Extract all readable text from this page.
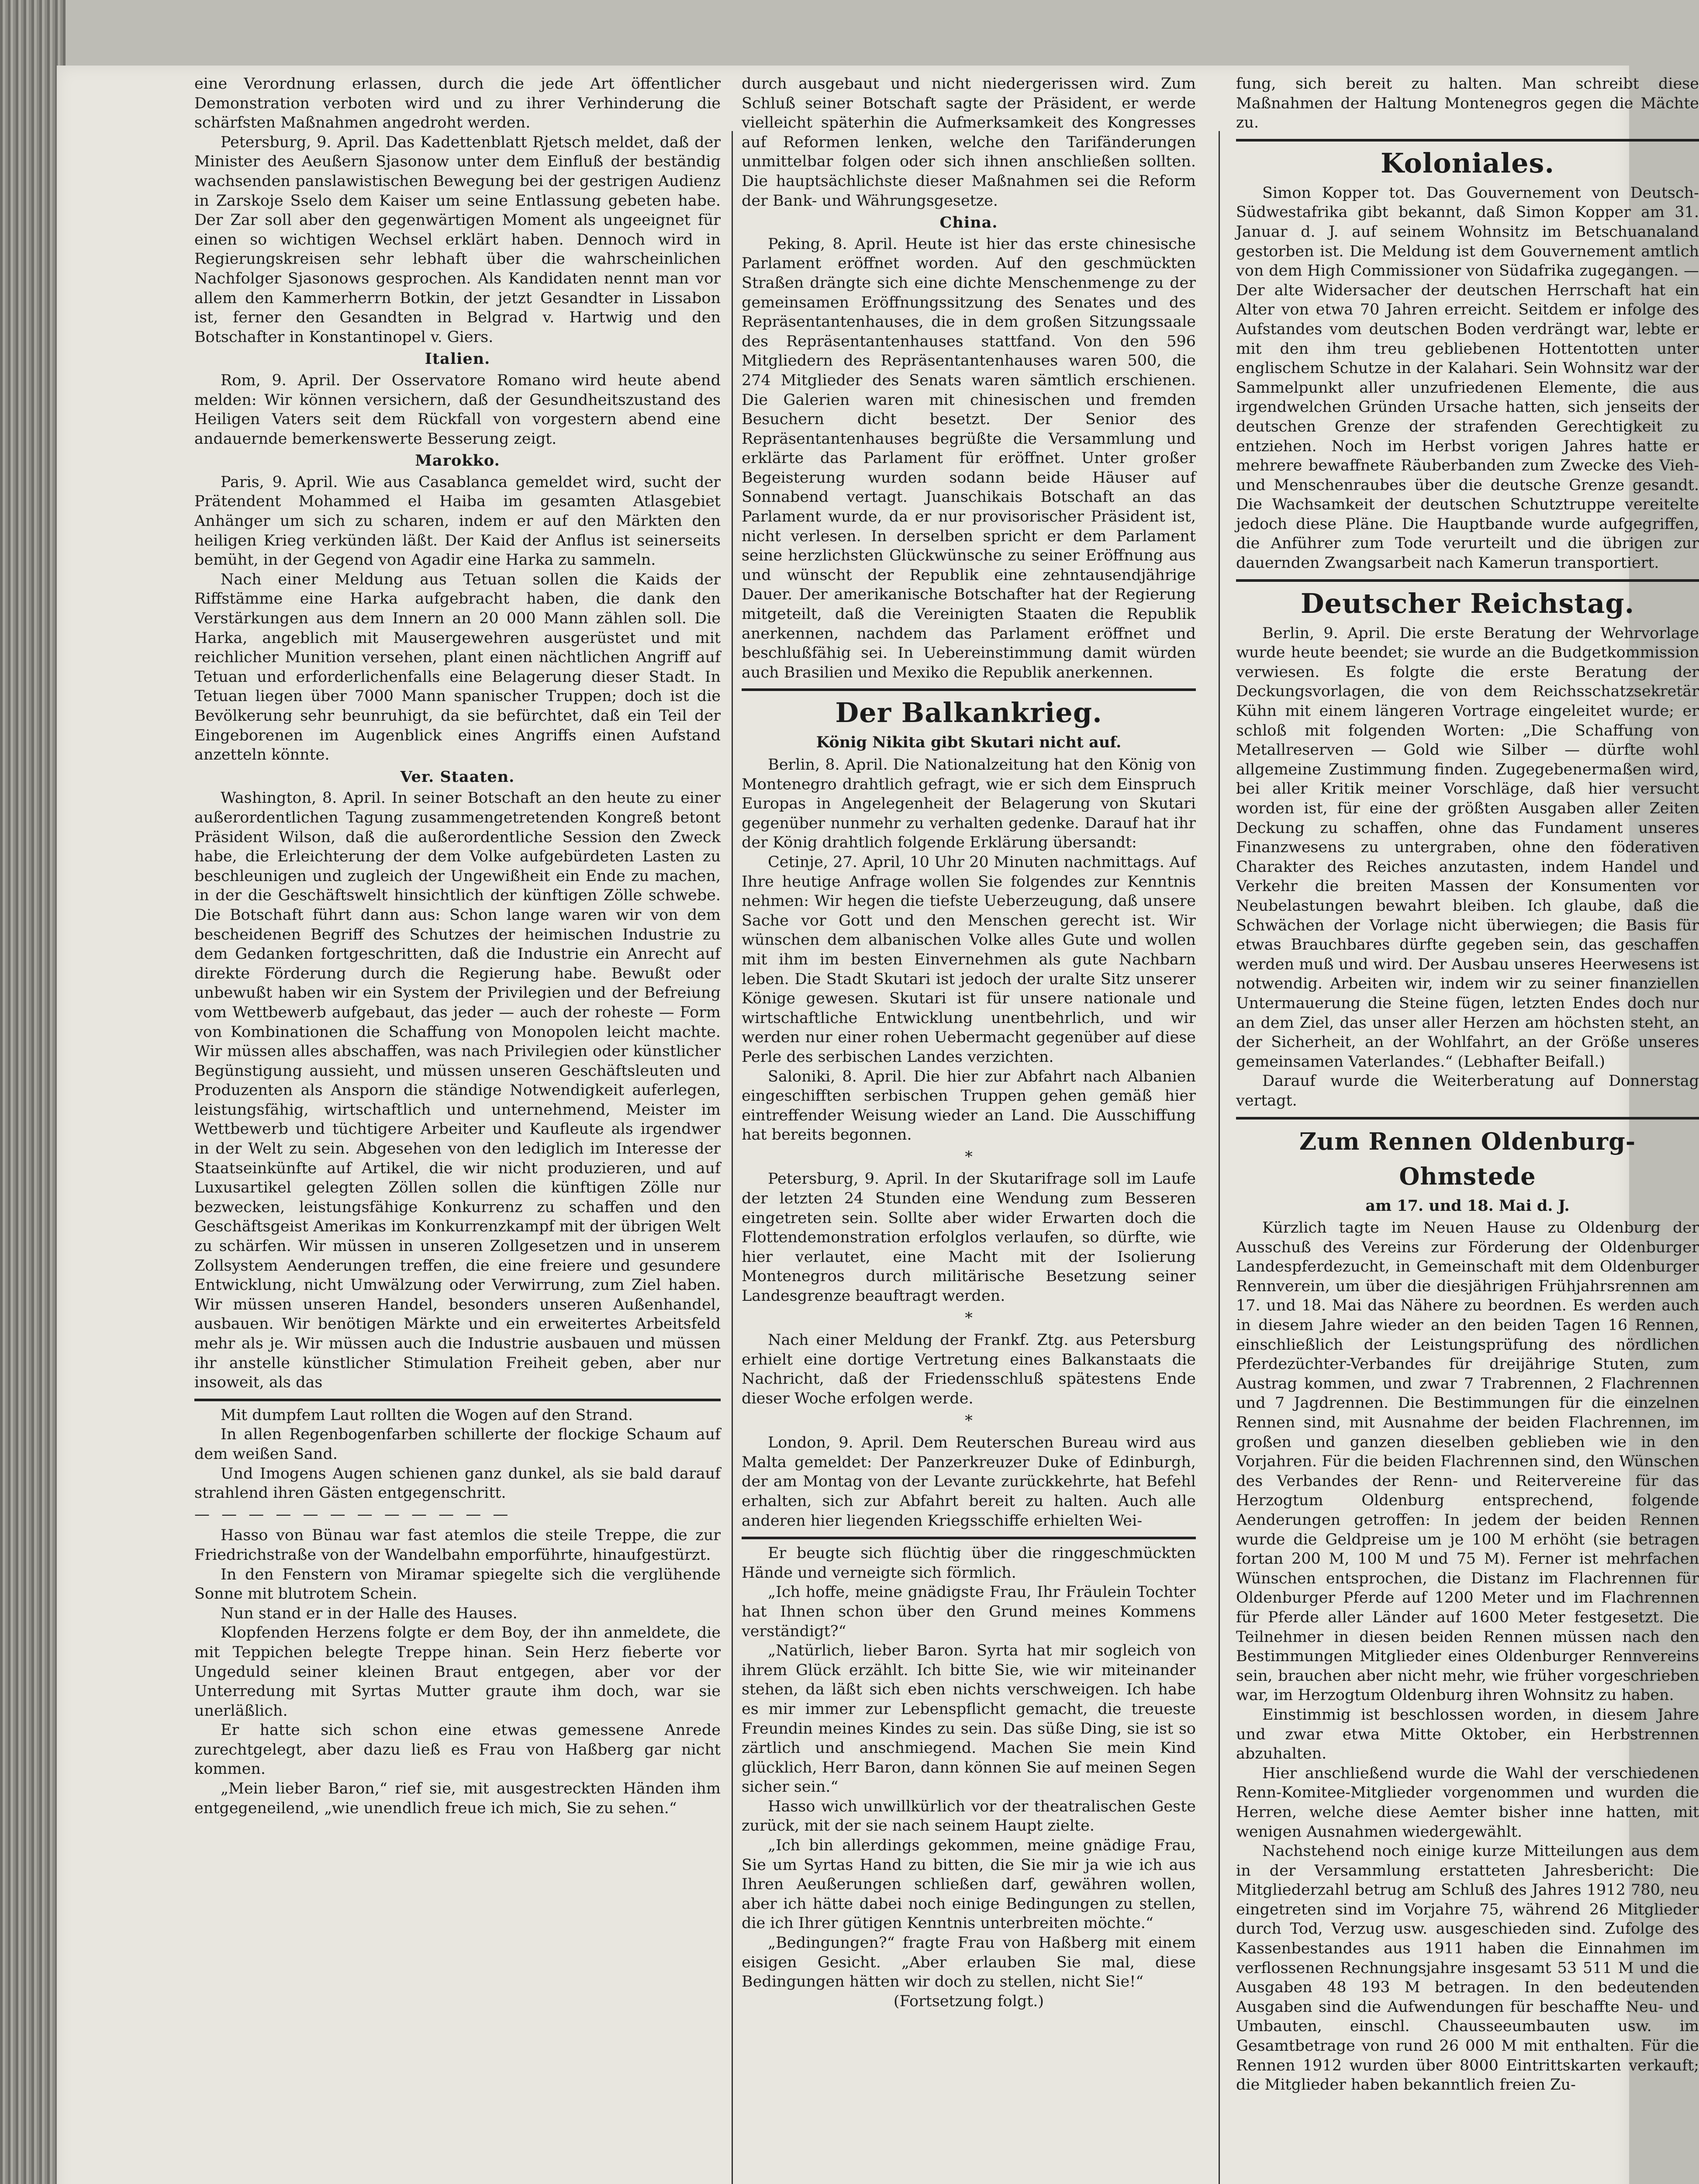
eine Verordnung erlassen, durch die jede Art öffentlicher Demonstration verboten wird und zu ihrer Verhinderung die schärfsten Maßnahmen angedroht werden.

Petersburg, 9. April. Das Kadettenblatt Rjetsch meldet, daß der Minister des Aeußern Sjasonow unter dem Einfluß der beständig wachsenden panslawistischen Bewegung bei der gestrigen Audienz in Zarskoje Sselo dem Kaiser um seine Entlassung gebeten habe. Der Zar soll aber den gegenwärtigen Moment als ungeeignet für einen so wichtigen Wechsel erklärt haben. Dennoch wird in Regierungskreisen sehr lebhaft über die wahrscheinlichen Nachfolger Sjasonows gesprochen. Als Kandidaten nennt man vor allem den Kammerherrn Botkin, der jetzt Gesandter in Lissabon ist, ferner den Gesandten in Belgrad v. Hartwig und den Botschafter in Konstantinopel v. Giers.

Italien.

Rom, 9. April. Der Osservatore Romano wird heute abend melden: Wir können versichern, daß der Gesundheitszustand des Heiligen Vaters seit dem Rückfall von vorgestern abend eine andauernde bemerkenswerte Besserung zeigt.

Marokko.

Paris, 9. April. Wie aus Casablanca gemeldet wird, sucht der Prätendent Mohammed el Haiba im gesamten Atlasgebiet Anhänger um sich zu scharen, indem er auf den Märkten den heiligen Krieg verkünden läßt. Der Kaid der Anflus ist seinerseits bemüht, in der Gegend von Agadir eine Harka zu sammeln.

Nach einer Meldung aus Tetuan sollen die Kaids der Riffstämme eine Harka aufgebracht haben, die dank den Verstärkungen aus dem Innern an 20 000 Mann zählen soll. Die Harka, angeblich mit Mausergewehren ausgerüstet und mit reichlicher Munition versehen, plant einen nächtlichen Angriff auf Tetuan und erforderlichenfalls eine Belagerung dieser Stadt. In Tetuan liegen über 7000 Mann spanischer Truppen; doch ist die Bevölkerung sehr beunruhigt, da sie befürchtet, daß ein Teil der Eingeborenen im Augenblick eines Angriffs einen Aufstand anzetteln könnte.

Ver. Staaten.

Washington, 8. April. In seiner Botschaft an den heute zu einer außerordentlichen Tagung zusammengetretenden Kongreß betont Präsident Wilson, daß die außerordentliche Session den Zweck habe, die Erleichterung der dem Volke aufgebürdeten Lasten zu beschleunigen und zugleich der Ungewißheit ein Ende zu machen, in der die Geschäftswelt hinsichtlich der künftigen Zölle schwebe. Die Botschaft führt dann aus: Schon lange waren wir von dem bescheidenen Begriff des Schutzes der heimischen Industrie zu dem Gedanken fortgeschritten, daß die Industrie ein Anrecht auf direkte Förderung durch die Regierung habe. Bewußt oder unbewußt haben wir ein System der Privilegien und der Befreiung vom Wettbewerb aufgebaut, das jeder — auch der roheste — Form von Kombinationen die Schaffung von Monopolen leicht machte. Wir müssen alles abschaffen, was nach Privilegien oder künstlicher Begünstigung aussieht, und müssen unseren Geschäftsleuten und Produzenten als Ansporn die ständige Notwendigkeit auferlegen, leistungsfähig, wirtschaftlich und unternehmend, Meister im Wettbewerb und tüchtigere Arbeiter und Kaufleute als irgendwer in der Welt zu sein. Abgesehen von den lediglich im Interesse der Staatseinkünfte auf Artikel, die wir nicht produzieren, und auf Luxusartikel gelegten Zöllen sollen die künftigen Zölle nur bezwecken, leistungsfähige Konkurrenz zu schaffen und den Geschäftsgeist Amerikas im Konkurrenzkampf mit der übrigen Welt zu schärfen. Wir müssen in unseren Zollgesetzen und in unserem Zollsystem Aenderungen treffen, die eine freiere und gesundere Entwicklung, nicht Umwälzung oder Verwirrung, zum Ziel haben. Wir müssen unseren Handel, besonders unseren Außenhandel, ausbauen. Wir benötigen Märkte und ein erweitertes Arbeitsfeld mehr als je. Wir müssen auch die Industrie ausbauen und müssen ihr anstelle künstlicher Stimulation Freiheit geben, aber nur insoweit, als das

Mit dumpfem Laut rollten die Wogen auf den Strand.

In allen Regenbogenfarben schillerte der flockige Schaum auf dem weißen Sand.

Und Imogens Augen schienen ganz dunkel, als sie bald darauf strahlend ihren Gästen entgegenschritt.

— — — — — — — — — — — —

Hasso von Bünau war fast atemlos die steile Treppe, die zur Friedrichstraße von der Wandelbahn emporführte, hinaufgestürzt.

In den Fenstern von Miramar spiegelte sich die verglühende Sonne mit blutrotem Schein.

Nun stand er in der Halle des Hauses.

Klopfenden Herzens folgte er dem Boy, der ihn anmeldete, die mit Teppichen belegte Treppe hinan. Sein Herz fieberte vor Ungeduld seiner kleinen Braut entgegen, aber vor der Unterredung mit Syrtas Mutter graute ihm doch, war sie unerläßlich.

Er hatte sich schon eine etwas gemessene Anrede zurechtgelegt, aber dazu ließ es Frau von Haßberg gar nicht kommen.

„Mein lieber Baron,“ rief sie, mit ausgestreckten Händen ihm entgegeneilend, „wie unendlich freue ich mich, Sie zu sehen.“

durch ausgebaut und nicht niedergerissen wird. Zum Schluß seiner Botschaft sagte der Präsident, er werde vielleicht späterhin die Aufmerksamkeit des Kongresses auf Reformen lenken, welche den Tarifänderungen unmittelbar folgen oder sich ihnen anschließen sollten. Die hauptsächlichste dieser Maßnahmen sei die Reform der Bank- und Währungsgesetze.

China.

Peking, 8. April. Heute ist hier das erste chinesische Parlament eröffnet worden. Auf den geschmückten Straßen drängte sich eine dichte Menschenmenge zu der gemeinsamen Eröffnungssitzung des Senates und des Repräsentantenhauses, die in dem großen Sitzungssaale des Repräsentantenhauses stattfand. Von den 596 Mitgliedern des Repräsentantenhauses waren 500, die 274 Mitglieder des Senats waren sämtlich erschienen. Die Galerien waren mit chinesischen und fremden Besuchern dicht besetzt. Der Senior des Repräsentantenhauses begrüßte die Versammlung und erklärte das Parlament für eröffnet. Unter großer Begeisterung wurden sodann beide Häuser auf Sonnabend vertagt. Juanschikais Botschaft an das Parlament wurde, da er nur provisorischer Präsident ist, nicht verlesen. In derselben spricht er dem Parlament seine herzlichsten Glückwünsche zu seiner Eröffnung aus und wünscht der Republik eine zehntausendjährige Dauer. Der amerikanische Botschafter hat der Regierung mitgeteilt, daß die Vereinigten Staaten die Republik anerkennen, nachdem das Parlament eröffnet und beschlußfähig sei. In Uebereinstimmung damit würden auch Brasilien und Mexiko die Republik anerkennen.

Der Balkankrieg.
König Nikita gibt Skutari nicht auf.

Berlin, 8. April. Die Nationalzeitung hat den König von Montenegro drahtlich gefragt, wie er sich dem Einspruch Europas in Angelegenheit der Belagerung von Skutari gegenüber nunmehr zu verhalten gedenke. Darauf hat ihr der König drahtlich folgende Erklärung übersandt:

Cetinje, 27. April, 10 Uhr 20 Minuten nachmittags. Auf Ihre heutige Anfrage wollen Sie folgendes zur Kenntnis nehmen: Wir hegen die tiefste Ueberzeugung, daß unsere Sache vor Gott und den Menschen gerecht ist. Wir wünschen dem albanischen Volke alles Gute und wollen mit ihm im besten Einvernehmen als gute Nachbarn leben. Die Stadt Skutari ist jedoch der uralte Sitz unserer Könige gewesen. Skutari ist für unsere nationale und wirtschaftliche Entwicklung unentbehrlich, und wir werden nur einer rohen Uebermacht gegenüber auf diese Perle des serbischen Landes verzichten.

Saloniki, 8. April. Die hier zur Abfahrt nach Albanien eingeschifften serbischen Truppen gehen gemäß hier eintreffender Weisung wieder an Land. Die Ausschiffung hat bereits begonnen.

*

Petersburg, 9. April. In der Skutarifrage soll im Laufe der letzten 24 Stunden eine Wendung zum Besseren eingetreten sein. Sollte aber wider Erwarten doch die Flottendemonstration erfolglos verlaufen, so dürfte, wie hier verlautet, eine Macht mit der Isolierung Montenegros durch militärische Besetzung seiner Landesgrenze beauftragt werden.

*

Nach einer Meldung der Frankf. Ztg. aus Petersburg erhielt eine dortige Vertretung eines Balkanstaats die Nachricht, daß der Friedensschluß spätestens Ende dieser Woche erfolgen werde.

*

London, 9. April. Dem Reuterschen Bureau wird aus Malta gemeldet: Der Panzerkreuzer Duke of Edinburgh, der am Montag von der Levante zurückkehrte, hat Befehl erhalten, sich zur Abfahrt bereit zu halten. Auch alle anderen hier liegenden Kriegsschiffe erhielten Wei-

Er beugte sich flüchtig über die ringgeschmückten Hände und verneigte sich förmlich.

„Ich hoffe, meine gnädigste Frau, Ihr Fräulein Tochter hat Ihnen schon über den Grund meines Kommens verständigt?“

„Natürlich, lieber Baron. Syrta hat mir sogleich von ihrem Glück erzählt. Ich bitte Sie, wie wir miteinander stehen, da läßt sich eben nichts verschweigen. Ich habe es mir immer zur Lebenspflicht gemacht, die treueste Freundin meines Kindes zu sein. Das süße Ding, sie ist so zärtlich und anschmiegend. Machen Sie mein Kind glücklich, Herr Baron, dann können Sie auf meinen Segen sicher sein.“

Hasso wich unwillkürlich vor der theatralischen Geste zurück, mit der sie nach seinem Haupt zielte.

„Ich bin allerdings gekommen, meine gnädige Frau, Sie um Syrtas Hand zu bitten, die Sie mir ja wie ich aus Ihren Aeußerungen schließen darf, gewähren wollen, aber ich hätte dabei noch einige Bedingungen zu stellen, die ich Ihrer gütigen Kenntnis unterbreiten möchte.“

„Bedingungen?“ fragte Frau von Haßberg mit einem eisigen Gesicht. „Aber erlauben Sie mal, diese Bedingungen hätten wir doch zu stellen, nicht Sie!“

(Fortsetzung folgt.)

fung, sich bereit zu halten. Man schreibt diese Maßnahmen der Haltung Montenegros gegen die Mächte zu.

Koloniales.

Simon Kopper tot. Das Gouvernement von Deutsch-Südwestafrika gibt bekannt, daß Simon Kopper am 31. Januar d. J. auf seinem Wohnsitz im Betschuanaland gestorben ist. Die Meldung ist dem Gouvernement amtlich von dem High Commissioner von Südafrika zugegangen. — Der alte Widersacher der deutschen Herrschaft hat ein Alter von etwa 70 Jahren erreicht. Seitdem er infolge des Aufstandes vom deutschen Boden verdrängt war, lebte er mit den ihm treu gebliebenen Hottentotten unter englischem Schutze in der Kalahari. Sein Wohnsitz war der Sammelpunkt aller unzufriedenen Elemente, die aus irgendwelchen Gründen Ursache hatten, sich jenseits der deutschen Grenze der strafenden Gerechtigkeit zu entziehen. Noch im Herbst vorigen Jahres hatte er mehrere bewaffnete Räuberbanden zum Zwecke des Vieh- und Menschenraubes über die deutsche Grenze gesandt. Die Wachsamkeit der deutschen Schutztruppe vereitelte jedoch diese Pläne. Die Hauptbande wurde aufgegriffen, die Anführer zum Tode verurteilt und die übrigen zur dauernden Zwangsarbeit nach Kamerun transportiert.

Deutscher Reichstag.

Berlin, 9. April. Die erste Beratung der Wehrvorlage wurde heute beendet; sie wurde an die Budgetkommission verwiesen. Es folgte die erste Beratung der Deckungsvorlagen, die von dem Reichsschatzsekretär Kühn mit einem längeren Vortrage eingeleitet wurde; er schloß mit folgenden Worten: „Die Schaffung von Metallreserven — Gold wie Silber — dürfte wohl allgemeine Zustimmung finden. Zugegebenermaßen wird, bei aller Kritik meiner Vorschläge, daß hier versucht worden ist, für eine der größten Ausgaben aller Zeiten Deckung zu schaffen, ohne das Fundament unseres Finanzwesens zu untergraben, ohne den föderativen Charakter des Reiches anzutasten, indem Handel und Verkehr die breiten Massen der Konsumenten vor Neubelastungen bewahrt bleiben. Ich glaube, daß die Schwächen der Vorlage nicht überwiegen; die Basis für etwas Brauchbares dürfte gegeben sein, das geschaffen werden muß und wird. Der Ausbau unseres Heerwesens ist notwendig. Arbeiten wir, indem wir zu seiner finanziellen Untermauerung die Steine fügen, letzten Endes doch nur an dem Ziel, das unser aller Herzen am höchsten steht, an der Sicherheit, an der Wohlfahrt, an der Größe unseres gemeinsamen Vaterlandes.“ (Lebhafter Beifall.)

Darauf wurde die Weiterberatung auf Donnerstag vertagt.

Zum Rennen Oldenburg-Ohmstede
am 17. und 18. Mai d. J.

Kürzlich tagte im Neuen Hause zu Oldenburg der Ausschuß des Vereins zur Förderung der Oldenburger Landespferdezucht, in Gemeinschaft mit dem Oldenburger Rennverein, um über die diesjährigen Frühjahrsrennen am 17. und 18. Mai das Nähere zu beordnen. Es werden auch in diesem Jahre wieder an den beiden Tagen 16 Rennen, einschließlich der Leistungsprüfung des nördlichen Pferdezüchter-Verbandes für dreijährige Stuten, zum Austrag kommen, und zwar 7 Trabrennen, 2 Flachrennen und 7 Jagdrennen. Die Bestimmungen für die einzelnen Rennen sind, mit Ausnahme der beiden Flachrennen, im großen und ganzen dieselben geblieben wie in den Vorjahren. Für die beiden Flachrennen sind, den Wünschen des Verbandes der Renn- und Reitervereine für das Herzogtum Oldenburg entsprechend, folgende Aenderungen getroffen: In jedem der beiden Rennen wurde die Geldpreise um je 100 M erhöht (sie betragen fortan 200 M, 100 M und 75 M). Ferner ist mehrfachen Wünschen entsprochen, die Distanz im Flachrennen für Oldenburger Pferde auf 1200 Meter und im Flachrennen für Pferde aller Länder auf 1600 Meter festgesetzt. Die Teilnehmer in diesen beiden Rennen müssen nach den Bestimmungen Mitglieder eines Oldenburger Rennvereins sein, brauchen aber nicht mehr, wie früher vorgeschrieben war, im Herzogtum Oldenburg ihren Wohnsitz zu haben.

Einstimmig ist beschlossen worden, in diesem Jahre und zwar etwa Mitte Oktober, ein Herbstrennen abzuhalten.

Hier anschließend wurde die Wahl der verschiedenen Renn-Komitee-Mitglieder vorgenommen und wurden die Herren, welche diese Aemter bisher inne hatten, mit wenigen Ausnahmen wiedergewählt.

Nachstehend noch einige kurze Mitteilungen aus dem in der Versammlung erstatteten Jahresbericht: Die Mitgliederzahl betrug am Schluß des Jahres 1912 780, neu eingetreten sind im Vorjahre 75, während 26 Mitglieder durch Tod, Verzug usw. ausgeschieden sind. Zufolge des Kassenbestandes aus 1911 haben die Einnahmen im verflossenen Rechnungsjahre insgesamt 53 511 M und die Ausgaben 48 193 M betragen. In den bedeutenden Ausgaben sind die Aufwendungen für beschaffte Neu- und Umbauten, einschl. Chausseeumbauten usw. im Gesamtbetrage von rund 26 000 M mit enthalten. Für die Rennen 1912 wurden über 8000 Eintrittskarten verkauft; die Mitglieder haben bekanntlich freien Zu-
